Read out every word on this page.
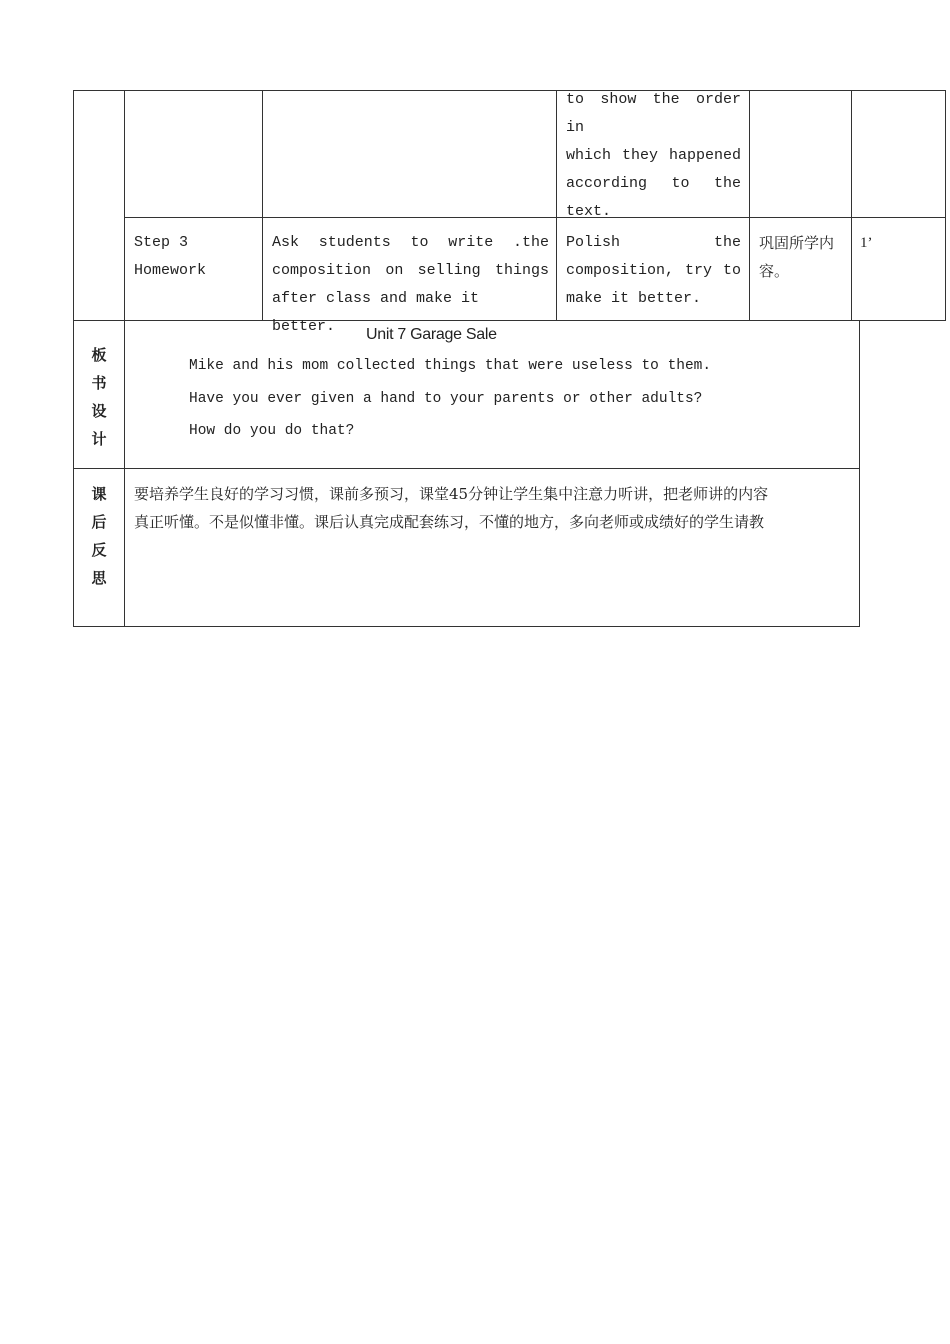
to show the order in
which they happened
according to the
text.
Step 3
Homework
Ask students to write .the
composition on selling things
after class and make it better.
Polish the
composition, try to
make it better.
巩固所学内
容。
1’
板
书
设
计
Unit 7 Garage Sale
Mike and his mom collected things that were useless to them.
Have you ever given a hand to your parents or other adults?
How do you do that?
课
后
反
思
要培养学生良好的学习习惯，课前多预习，课堂45分钟让学生集中注意力听讲，把老师讲的内容
真正听懂。不是似懂非懂。课后认真完成配套练习，不懂的地方，多向老师或成绩好的学生请教
